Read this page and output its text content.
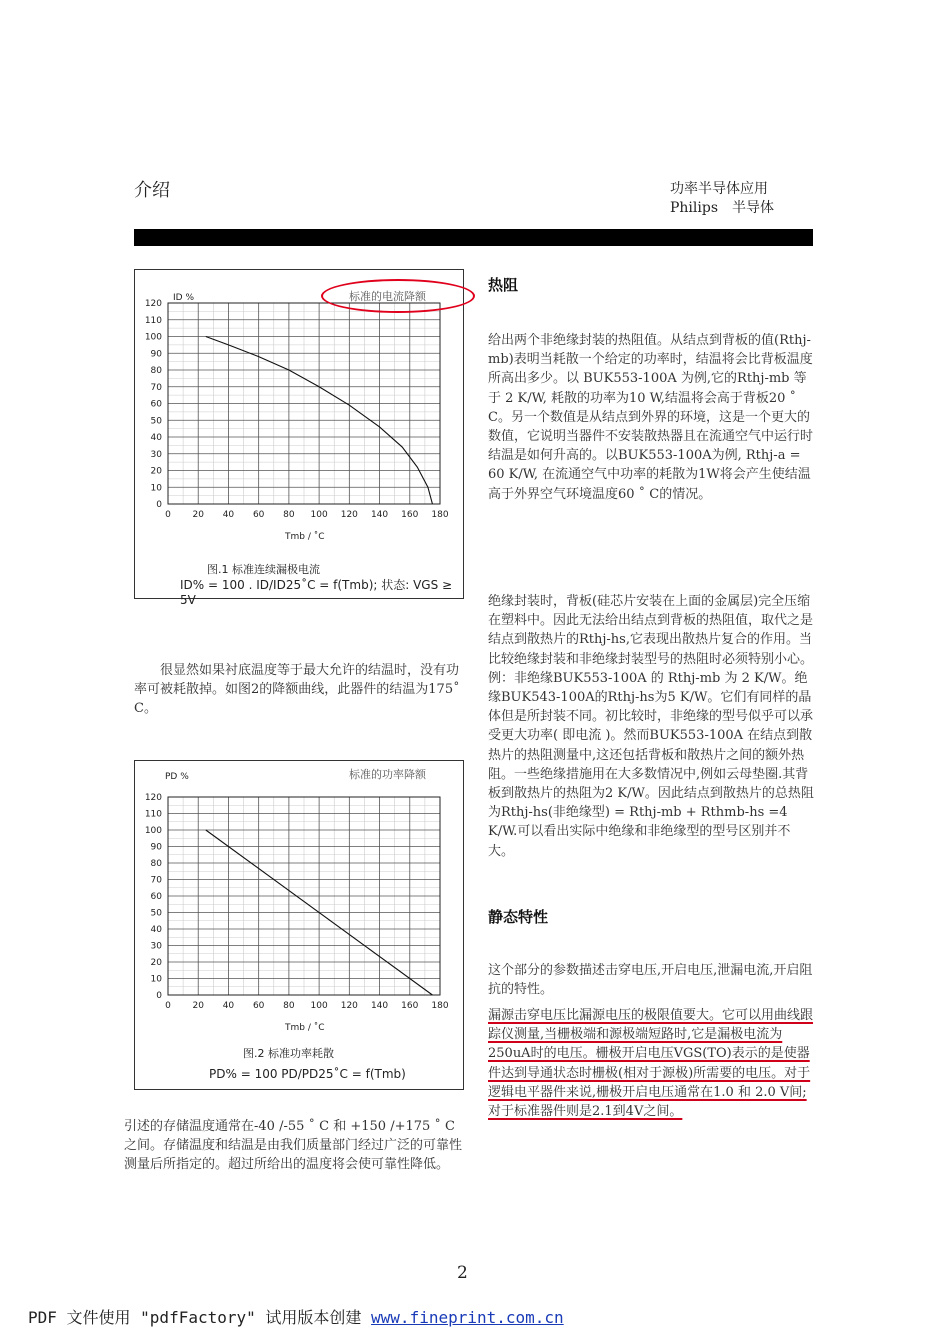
介绍	功率半导体应用
Philips　半导体
0 20 40 60 80 100 120 140 160 180
0
10
20
30
40
50
60
70
80
90
100
110
120
标准的电流降额
ID %
Tmb / ˚C
图.1 标准连续漏极电流
ID% = 100 . ID/ID25˚C = f(Tmb); 状态: VGS ≥ 5V
0 20 40 60 80 100 120 140 160 180
0
10
20
30
40
50
60
70
80
90
100
110
120
标准的功率降额
PD %
Tmb / ˚C
图.2 标准功率耗散
PD% = 100 PD/PD25˚C = f(Tmb)
很显然如果衬底温度等于最大允许的结温时，没有功率可被耗散掉。如图2的降额曲线，此器件的结温为175˚ C。
引述的存储温度通常在-40 /-55 ˚ C 和 +150 /+175 ˚ C 之间。存储温度和结温是由我们质量部门经过广泛的可靠性测量后所指定的。超过所给出的温度将会使可靠性降低。
热阻
给出两个非绝缘封装的热阻值。从结点到背板的值(Rthj-mb)表明当耗散一个给定的功率时，结温将会比背板温度所高出多少。以 BUK553-100A 为例,它的Rthj-mb 等于 2 K/W, 耗散的功率为10 W,结温将会高于背板20 ˚ C。另一个数值是从结点到外界的环境，这是一个更大的数值，它说明当器件不安装散热器且在流通空气中运行时结温是如何升高的。以BUK553-100A为例, Rthj-a = 60 K/W, 在流通空气中功率的耗散为1W将会产生使结温高于外界空气环境温度60 ˚ C的情况。
绝缘封装时，背板(硅芯片安装在上面的金属层)完全压缩在塑料中。因此无法给出结点到背板的热阻值，取代之是结点到散热片的Rthj-hs,它表现出散热片复合的作用。当比较绝缘封装和非绝缘封装型号的热阻时必须特别小心。例：非绝缘BUK553-100A 的 Rthj-mb 为 2 K/W。绝缘BUK543-100A的Rthj-hs为5 K/W。它们有同样的晶体但是所封装不同。初比较时，非绝缘的型号似乎可以承受更大功率( 即电流 )。然而BUK553-100A 在结点到散热片的热阻测量中,这还包括背板和散热片之间的额外热阻。一些绝缘措施用在大多数情况中,例如云母垫圈.其背板到散热片的热阻为2 K/W。因此结点到散热片的总热阻为Rthj-hs(非绝缘型) = Rthj-mb + Rthmb-hs =4 K/W.可以看出实际中绝缘和非绝缘型的型号区别并不大。
静态特性
这个部分的参数描述击穿电压,开启电压,泄漏电流,开启阻抗的特性。
漏源击穿电压比漏源电压的极限值要大。它可以用曲线跟踪仪测量,当栅极端和源极端短路时,它是漏极电流为250uA时的电压。栅极开启电压VGS(TO)表示的是使器件达到导通状态时栅极(相对于源极)所需要的电压。对于逻辑电平器件来说,栅极开启电压通常在1.0 和 2.0 V间;对于标准器件则是2.1到4V之间。
2
PDF 文件使用 "pdfFactory" 试用版本创建 www.fineprint.com.cn
